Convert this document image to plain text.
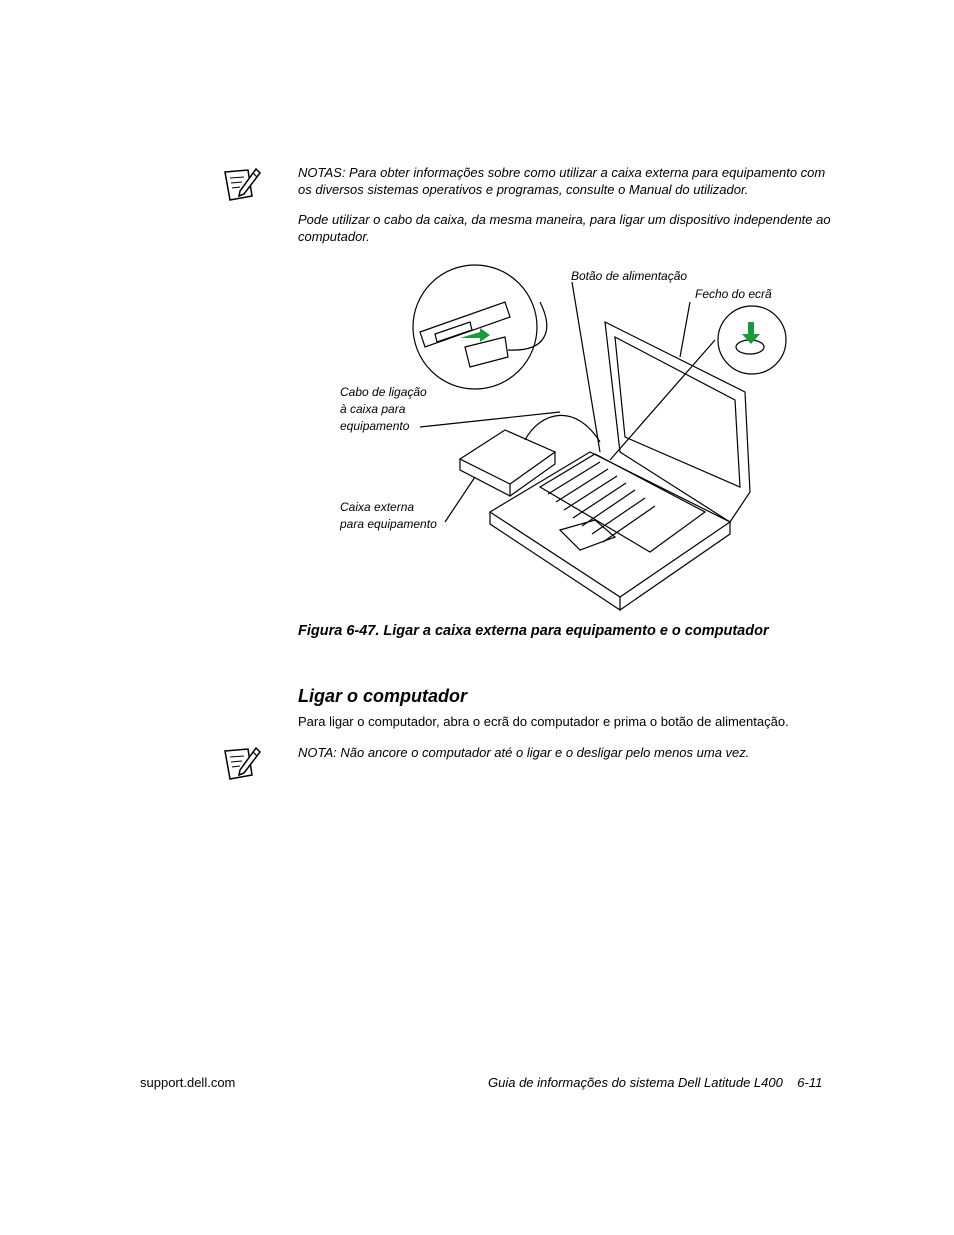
NOTAS: Para obter informações sobre como utilizar a caixa externa para equipamento com os diversos sistemas operativos e programas, consulte o Manual do utilizador.
Pode utilizar o cabo da caixa, da mesma maneira, para ligar um dispositivo independente ao computador.
Botão de alimentação
Fecho do ecrã
Cabo de ligação
à caixa para
equipamento
Caixa externa
para equipamento
Figura 6-47. Ligar a caixa externa para equipamento e o computador
Ligar o computador
Para ligar o computador, abra o ecrã do computador e prima o botão de alimentação.
NOTA: Não ancore o computador até o ligar e o desligar pelo menos uma vez.
support.dell.com	Guia de informações do sistema Dell Latitude L400    6-11
